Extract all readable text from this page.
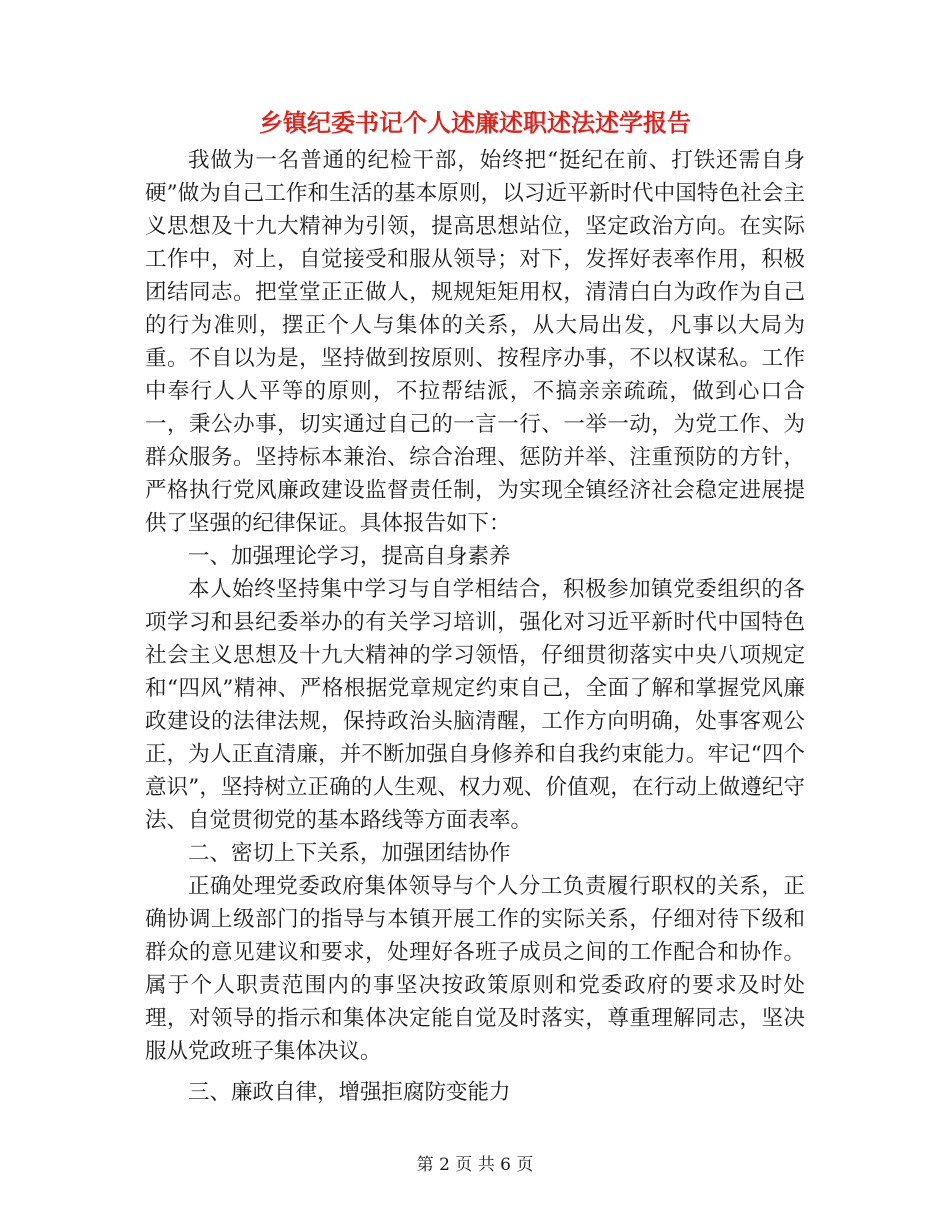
乡镇纪委书记个人述廉述职述法述学报告

我做为一名普通的纪检干部，始终把“挺纪在前、打铁还需自身硬”做为自己工作和生活的基本原则，以习近平新时代中国特色社会主义思想及十九大精神为引领，提高思想站位，坚定政治方向。在实际工作中，对上，自觉接受和服从领导；对下，发挥好表率作用，积极团结同志。把堂堂正正做人，规规矩矩用权，清清白白为政作为自己的行为准则，摆正个人与集体的关系，从大局出发，凡事以大局为重。不自以为是，坚持做到按原则、按程序办事，不以权谋私。工作中奉行人人平等的原则，不拉帮结派，不搞亲亲疏疏，做到心口合一，秉公办事，切实通过自己的一言一行、一举一动，为党工作、为群众服务。坚持标本兼治、综合治理、惩防并举、注重预防的方针，严格执行党风廉政建设监督责任制，为实现全镇经济社会稳定进展提供了坚强的纪律保证。具体报告如下：

一、加强理论学习，提高自身素养

本人始终坚持集中学习与自学相结合，积极参加镇党委组织的各项学习和县纪委举办的有关学习培训，强化对习近平新时代中国特色社会主义思想及十九大精神的学习领悟，仔细贯彻落实中央八项规定和“四风”精神、严格根据党章规定约束自己，全面了解和掌握党风廉政建设的法律法规，保持政治头脑清醒，工作方向明确，处事客观公正，为人正直清廉，并不断加强自身修养和自我约束能力。牢记“四个意识”，坚持树立正确的人生观、权力观、价值观，在行动上做遵纪守法、自觉贯彻党的基本路线等方面表率。

二、密切上下关系，加强团结协作

正确处理党委政府集体领导与个人分工负责履行职权的关系，正确协调上级部门的指导与本镇开展工作的实际关系，仔细对待下级和群众的意见建议和要求，处理好各班子成员之间的工作配合和协作。属于个人职责范围内的事坚决按政策原则和党委政府的要求及时处理，对领导的指示和集体决定能自觉及时落实，尊重理解同志，坚决服从党政班子集体决议。

三、廉政自律，增强拒腐防变能力

第 2 页 共 6 页
